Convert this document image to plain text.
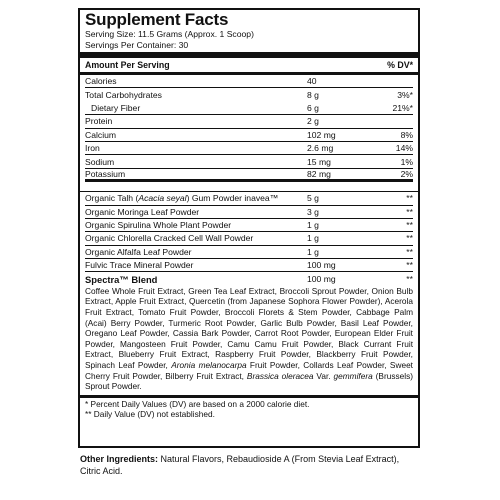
Supplement Facts
Serving Size: 11.5 Grams (Approx. 1 Scoop)
Servings Per Container: 30
Amount Per Serving	% DV*
Calories	40
Total Carbohydrates	8 g	3%*
Dietary Fiber	6 g	21%*
Protein	2 g
Calcium	102 mg	8%
Iron	2.6 mg	14%
Sodium	15 mg	1%
Potassium	82 mg	2%
Organic Talh (Acacia seyal) Gum Powder inavea™	5 g	**
Organic Moringa Leaf Powder	3 g	**
Organic Spirulina Whole Plant Powder	1 g	**
Organic Chlorella Cracked Cell Wall Powder	1 g	**
Organic Alfalfa Leaf Powder	1 g	**
Fulvic Trace Mineral Powder	100 mg	**
Spectra™ Blend	100 mg	**
Coffee Whole Fruit Extract, Green Tea Leaf Extract, Broccoli Sprout Powder, Onion Bulb Extract, Apple Fruit Extract, Quercetin (from Japanese Sophora Flower Powder), Acerola Fruit Extract, Tomato Fruit Powder, Broccoli Florets & Stem Powder, Cabbage Palm (Acai) Berry Powder, Turmeric Root Powder, Garlic Bulb Powder, Basil Leaf Powder, Oregano Leaf Powder, Cassia Bark Powder, Carrot Root Powder, European Elder Fruit Powder, Mangosteen Fruit Powder, Camu Camu Fruit Powder, Black Currant Fruit Extract, Blueberry Fruit Extract, Raspberry Fruit Powder, Blackberry Fruit Powder, Spinach Leaf Powder, Aronia melanocarpa Fruit Powder, Collards Leaf Powder, Sweet Cherry Fruit Powder, Bilberry Fruit Extract, Brassica oleracea Var. gemmifera (Brussels) Sprout Powder.
* Percent Daily Values (DV) are based on a 2000 calorie diet.
** Daily Value (DV) not established.
Other Ingredients: Natural Flavors, Rebaudioside A (From Stevia Leaf Extract), Citric Acid.
